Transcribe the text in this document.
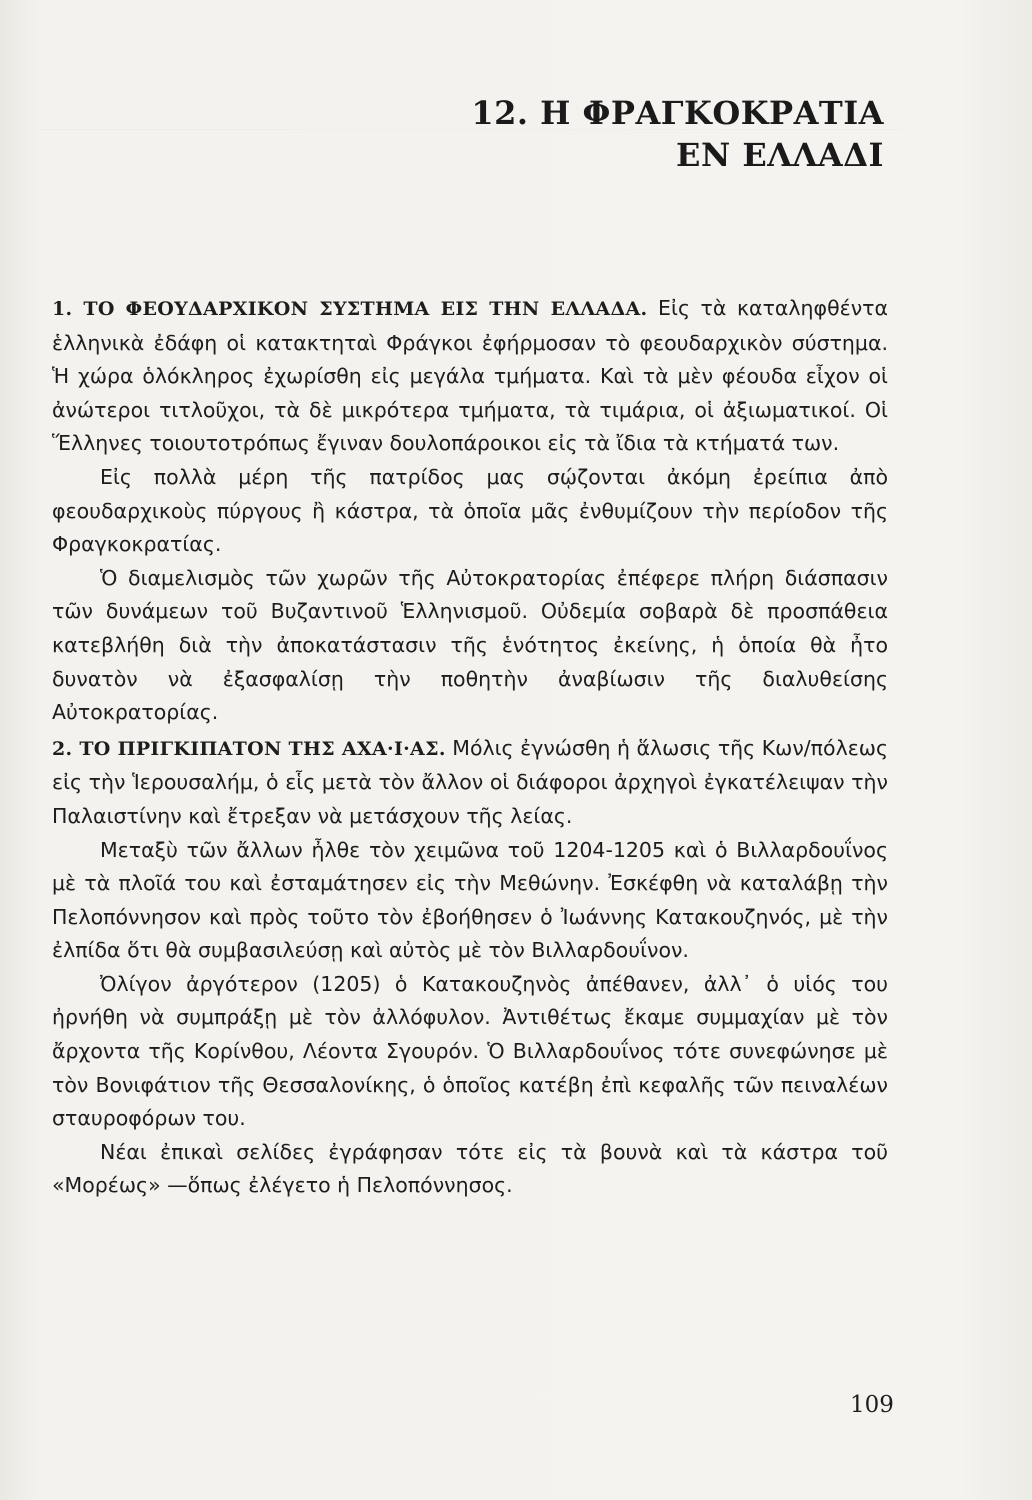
12. Η ΦΡΑΓΚΟΚΡΑΤΙΑ
ΕΝ ΕΛΛΑΔΙ

1. ΤΟ ΦΕΟΥΔΑΡΧΙΚΟΝ ΣΥΣΤΗΜΑ ΕΙΣ ΤΗΝ ΕΛΛΑΔΑ. Εἰς τὰ καταληφθέντα ἑλληνικὰ ἐδάφη οἱ κατακτηταὶ Φράγκοι ἐφήρμοσαν τὸ φεουδαρχικὸν σύστημα. Ἡ χώρα ὁλόκληρος ἐχωρίσθη εἰς μεγάλα τμήματα. Καὶ τὰ μὲν φέουδα εἶχον οἱ ἀνώτεροι τιτλοῦχοι, τὰ δὲ μικρότερα τμήματα, τὰ τιμάρια, οἱ ἀξιωματικοί. Οἱ Ἕλληνες τοιουτοτρόπως ἔγιναν δουλοπάροικοι εἰς τὰ ἴδια τὰ κτήματά των.

Εἰς πολλὰ μέρη τῆς πατρίδος μας σῴζονται ἀκόμη ἐρείπια ἀπὸ φεουδαρχικοὺς πύργους ἢ κάστρα, τὰ ὁποῖα μᾶς ἐνθυμίζουν τὴν περίοδον τῆς Φραγκοκρατίας.

Ὁ διαμελισμὸς τῶν χωρῶν τῆς Αὐτοκρατορίας ἐπέφερε πλήρη διάσπασιν τῶν δυνάμεων τοῦ Βυζαντινοῦ Ἑλληνισμοῦ. Οὐδεμία σοβαρὰ δὲ προσπάθεια κατεβλήθη διὰ τὴν ἀποκατάστασιν τῆς ἑνότητος ἐκείνης, ἡ ὁποία θὰ ἦτο δυνατὸν νὰ ἐξασφαλίσῃ τὴν ποθητὴν ἀναβίωσιν τῆς διαλυθείσης Αὐτοκρατορίας.

2. ΤΟ ΠΡΙΓΚΙΠΑΤΟΝ ΤΗΣ ΑΧΑ·Ι·ΑΣ. Μόλις ἐγνώσθη ἡ ἅλωσις τῆς Κων/πόλεως εἰς τὴν Ἱερουσαλήμ, ὁ εἷς μετὰ τὸν ἄλλον οἱ διάφοροι ἀρχηγοὶ ἐγκατέλειψαν τὴν Παλαιστίνην καὶ ἔτρεξαν νὰ μετάσχουν τῆς λείας.

Μεταξὺ τῶν ἄλλων ἦλθε τὸν χειμῶνα τοῦ 1204-1205 καὶ ὁ Βιλλαρδουΐνος μὲ τὰ πλοῖά του καὶ ἐσταμάτησεν εἰς τὴν Μεθώνην. Ἐσκέφθη νὰ καταλάβῃ τὴν Πελοπόννησον καὶ πρὸς τοῦτο τὸν ἐβοήθησεν ὁ Ἰωάννης Κατακουζηνός, μὲ τὴν ἐλπίδα ὅτι θὰ συμβασιλεύσῃ καὶ αὐτὸς μὲ τὸν Βιλλαρδουΐνον.

Ὀλίγον ἀργότερον (1205) ὁ Κατακουζηνὸς ἀπέθανεν, ἀλλ᾽ ὁ υἱός του ἠρνήθη νὰ συμπράξῃ μὲ τὸν ἀλλόφυλον. Ἀντιθέτως ἔκαμε συμμαχίαν μὲ τὸν ἄρχοντα τῆς Κορίνθου, Λέοντα Σγουρόν. Ὁ Βιλλαρδουΐνος τότε συνεφώνησε μὲ τὸν Βονιφάτιον τῆς Θεσσαλονίκης, ὁ ὁποῖος κατέβη ἐπὶ κεφαλῆς τῶν πειναλέων σταυροφόρων του.

Νέαι ἐπικαὶ σελίδες ἐγράφησαν τότε εἰς τὰ βουνὰ καὶ τὰ κάστρα τοῦ «Μορέως» —ὅπως ἐλέγετο ἡ Πελοπόννησος.

109
